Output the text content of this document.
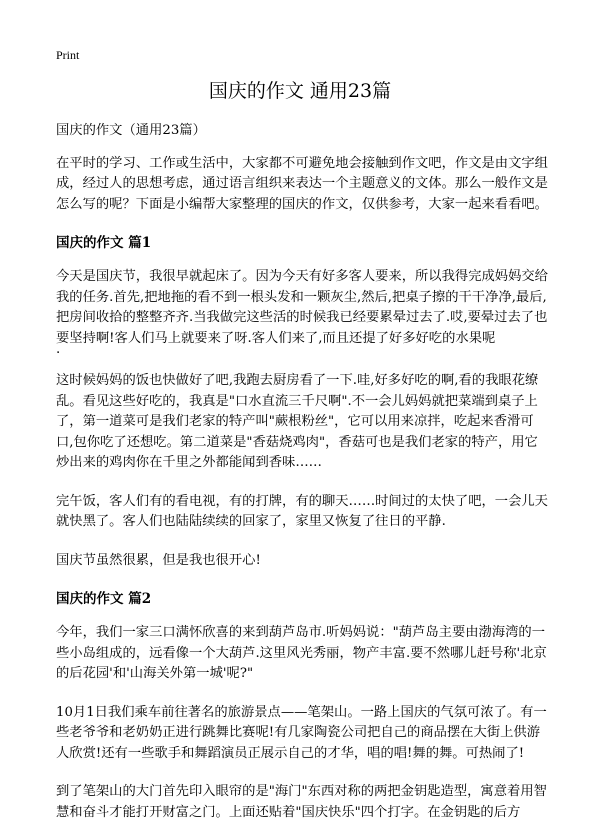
Print
国庆的作文 通用23篇

国庆的作文（通用23篇）

在平时的学习、工作或生活中，大家都不可避免地会接触到作文吧，作文是由文字组成，经过人的思想考虑，通过语言组织来表达一个主题意义的文体。那么一般作文是怎么写的呢？下面是小编帮大家整理的国庆的作文，仅供参考，大家一起来看看吧。

国庆的作文 篇1

今天是国庆节，我很早就起床了。因为今天有好多客人要来，所以我得完成妈妈交给我的任务.首先,把地拖的看不到一根头发和一颗灰尘,然后,把桌子擦的干干净净,最后,把房间收拾的整整齐齐.当我做完这些活的时候我已经要累晕过去了.哎,要晕过去了也要坚持啊!客人们马上就要来了呀.客人们来了,而且还提了好多好吃的水果呢

.

这时候妈妈的饭也快做好了吧,我跑去厨房看了一下.哇,好多好吃的啊,看的我眼花缭乱。看见这些好吃的，我真是"口水直流三千尺啊".不一会儿妈妈就把菜端到桌子上了，第一道菜可是我们老家的特产叫"蕨根粉丝"，它可以用来凉拌，吃起来香滑可口,包你吃了还想吃。第二道菜是"香菇烧鸡肉"，香菇可也是我们老家的特产，用它炒出来的鸡肉你在千里之外都能闻到香味……

完午饭，客人们有的看电视，有的打牌，有的聊天……时间过的太快了吧，一会儿天就快黑了。客人们也陆陆续续的回家了，家里又恢复了往日的平静.

国庆节虽然很累，但是我也很开心!

国庆的作文 篇2

今年，我们一家三口满怀欣喜的来到葫芦岛市.听妈妈说："葫芦岛主要由渤海湾的一些小岛组成的，远看像一个大葫芦.这里风光秀丽，物产丰富.要不然哪儿赶号称'北京的后花园'和'山海关外第一城'呢?"

10月1日我们乘车前往著名的旅游景点——笔架山。一路上国庆的气氛可浓了。有一些老爷爷和老奶奶正进行跳舞比赛呢!有几家陶瓷公司把自己的商品摆在大街上供游人欣赏!还有一些歌手和舞蹈演员正展示自己的才华，唱的唱!舞的舞。可热闹了!

到了笔架山的大门首先印入眼帘的是"海门"东西对称的两把金钥匙造型，寓意着用智慧和奋斗才能打开财富之门。上面还贴着"国庆快乐"四个打字。在金钥匙的后方
